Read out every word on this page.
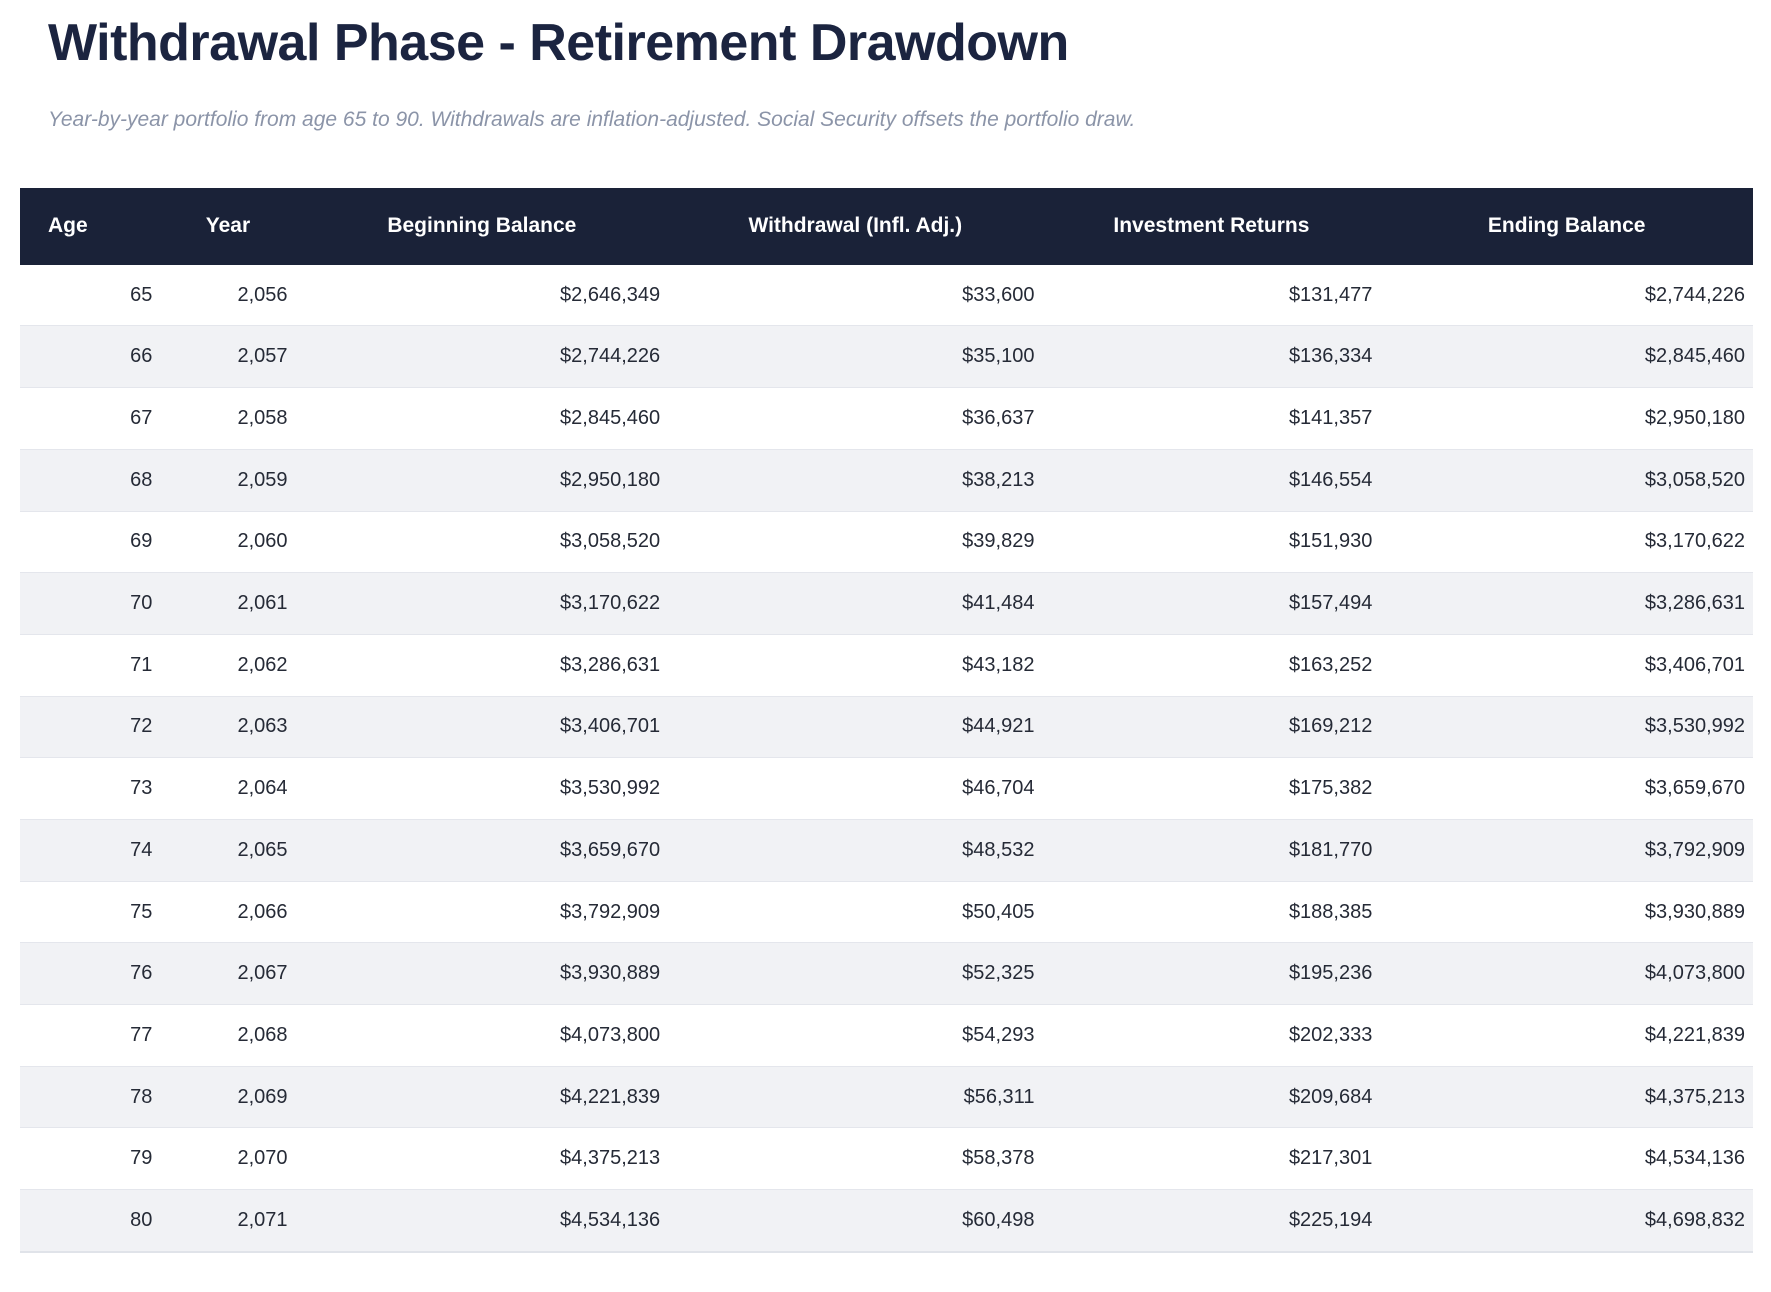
Withdrawal Phase - Retirement Drawdown

Year-by-year portfolio from age 65 to 90. Withdrawals are inflation-adjusted. Social Security offsets the portfolio draw.

Age	Year	Beginning Balance	Withdrawal (Infl. Adj.)	Investment Returns	Ending Balance
65	2,056	$2,646,349	$33,600	$131,477	$2,744,226
66	2,057	$2,744,226	$35,100	$136,334	$2,845,460
67	2,058	$2,845,460	$36,637	$141,357	$2,950,180
68	2,059	$2,950,180	$38,213	$146,554	$3,058,520
69	2,060	$3,058,520	$39,829	$151,930	$3,170,622
70	2,061	$3,170,622	$41,484	$157,494	$3,286,631
71	2,062	$3,286,631	$43,182	$163,252	$3,406,701
72	2,063	$3,406,701	$44,921	$169,212	$3,530,992
73	2,064	$3,530,992	$46,704	$175,382	$3,659,670
74	2,065	$3,659,670	$48,532	$181,770	$3,792,909
75	2,066	$3,792,909	$50,405	$188,385	$3,930,889
76	2,067	$3,930,889	$52,325	$195,236	$4,073,800
77	2,068	$4,073,800	$54,293	$202,333	$4,221,839
78	2,069	$4,221,839	$56,311	$209,684	$4,375,213
79	2,070	$4,375,213	$58,378	$217,301	$4,534,136
80	2,071	$4,534,136	$60,498	$225,194	$4,698,832
